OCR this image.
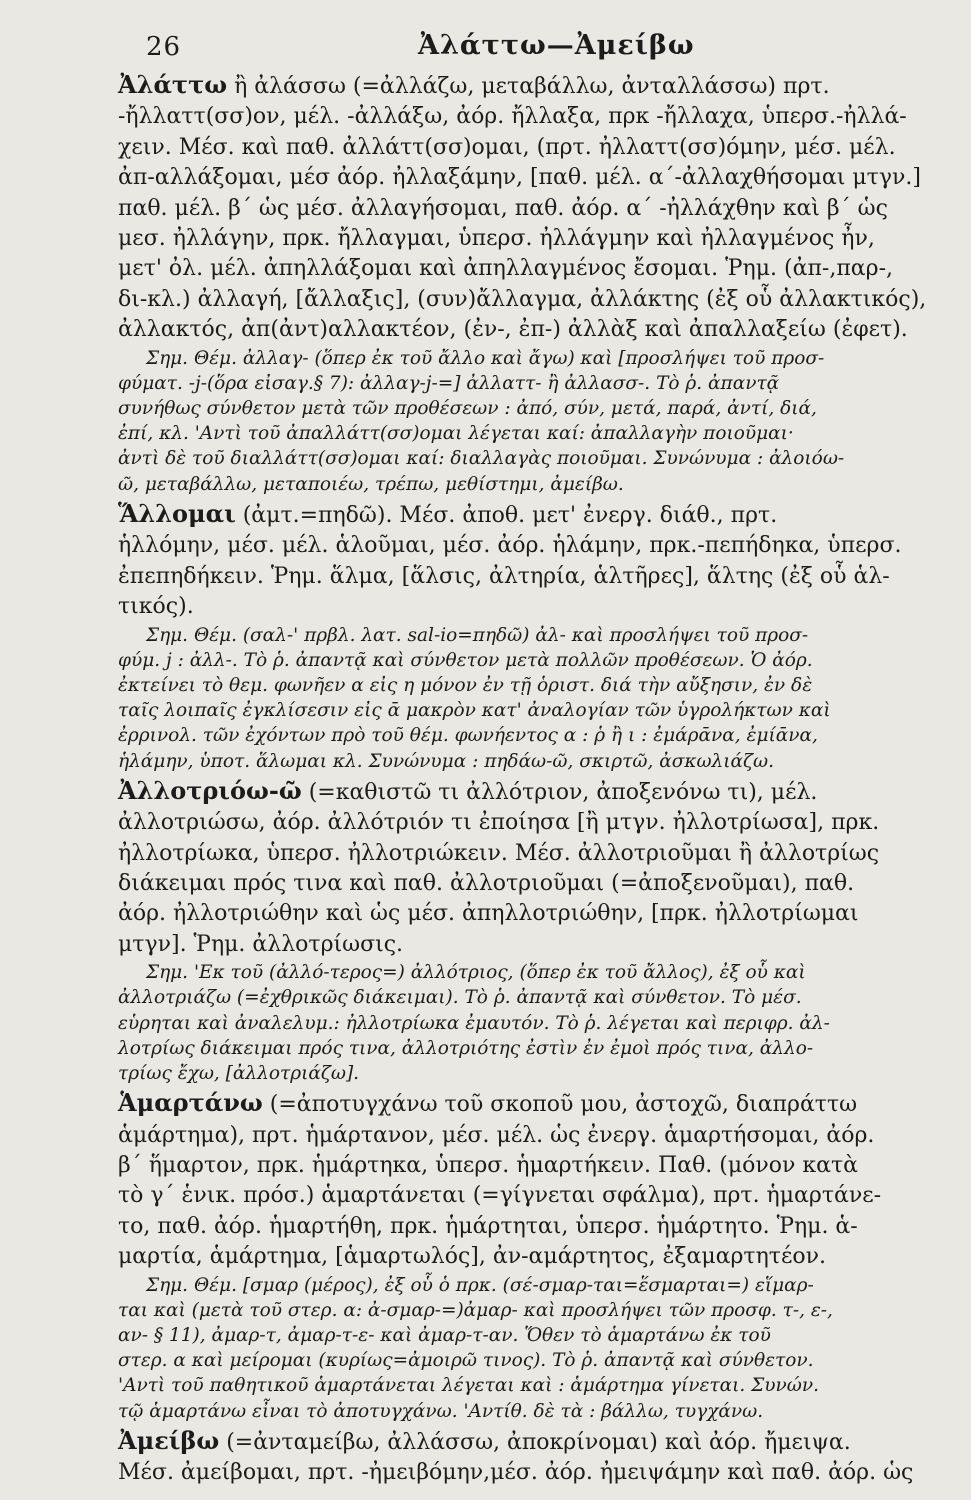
26	Ἀλάττω—Ἀμείβω

Ἀλάττω ἢ ἀλάσσω (=ἀλλάζω, μεταβάλλω, ἀνταλλάσσω) πρτ.

-ἤλλαττ(σσ)ον, μέλ. -ἀλλάξω, ἀόρ. ἤλλαξα, πρκ -ἤλλαχα, ὑπερσ.-ἠλλά-

χειν. Μέσ. καὶ παθ. ἀλλάττ(σσ)ομαι, (πρτ. ἠλλαττ(σσ)όμην, μέσ. μέλ.

ἀπ-αλλάξομαι, μέσ ἀόρ. ἠλλαξάμην, [παθ. μέλ. α΄-ἀλλαχθήσομαι μτγν.]

παθ. μέλ. β΄ ὡς μέσ. ἀλλαγήσομαι, παθ. ἀόρ. α΄ -ἠλλάχθην καὶ β΄ ὡς

μεσ. ἠλλάγην, πρκ. ἤλλαγμαι, ὑπερσ. ἠλλάγμην καὶ ἠλλαγμένος ἦν,

μετ' ὀλ. μέλ. ἀπηλλάξομαι καὶ ἀπηλλαγμένος ἔσομαι. Ῥημ. (ἀπ-,παρ-,

δι-κλ.) ἀλλαγή, [ἄλλαξις], (συν)ἄλλαγμα, ἀλλάκτης (ἐξ οὗ ἀλλακτικός),

ἀλλακτός, ἀπ(ἀντ)αλλακτέον, (ἐν-, ἐπ-) ἀλλὰξ καὶ ἀπαλλαξείω (ἐφετ).

Σημ. Θέμ. ἀλλαγ- (ὅπερ ἐκ τοῦ ἄλλο καὶ ἄγω) καὶ [προσλήψει τοῦ προσ-

φύματ. -j-(ὅρα εἰσαγ.§ 7): ἀλλαγ-j-=] ἀλλαττ- ἢ ἀλλασσ-. Τὸ ῥ. ἀπαντᾷ

συνήθως σύνθετον μετὰ τῶν προθέσεων : ἀπό, σύν, μετά, παρά, ἀντί, διά,

ἐπί, κλ. 'Αντὶ τοῦ ἀπαλλάττ(σσ)ομαι λέγεται καί: ἀπαλλαγὴν ποιοῦμαι·

ἀντὶ δὲ τοῦ διαλλάττ(σσ)ομαι καί: διαλλαγὰς ποιοῦμαι. Συνώνυμα : ἀλοιόω-

ῶ, μεταβάλλω, μεταποιέω, τρέπω, μεθίστημι, ἀμείβω.

Ἅλλομαι (ἀμτ.=πηδῶ). Μέσ. ἀποθ. μετ' ἐνεργ. διάθ., πρτ.

ἡλλόμην, μέσ. μέλ. ἁλοῦμαι, μέσ. ἀόρ. ἡλάμην, πρκ.-πεπήδηκα, ὑπερσ.

ἐπεπηδήκειν. Ῥημ. ἅλμα, [ἅλσις, ἀλτηρία, ἁλτῆρες], ἅλτης (ἐξ οὗ ἁλ-

τικός).

Σημ. Θέμ. (σαλ-' πρβλ. λατ. sal-io=πηδῶ) ἀλ- καὶ προσλήψει τοῦ προσ-

φύμ. j : ἀλλ-. Τὸ ῥ. ἀπαντᾷ καὶ σύνθετον μετὰ πολλῶν προθέσεων. Ὁ ἀόρ.

ἐκτείνει τὸ θεμ. φωνῆεν α εἰς η μόνον ἐν τῇ ὁριστ. διά τὴν αὔξησιν, ἐν δὲ

ταῖς λοιπαῖς ἐγκλίσεσιν εἰς ᾱ μακρὸν κατ' ἀναλογίαν τῶν ὑγρολήκτων καὶ

ἐρρινολ. τῶν ἐχόντων πρὸ τοῦ θέμ. φωνήεντος α : ῥ ἢ ι : ἐμάρᾱνα, ἐμίᾱνα,

ἡλάμην, ὑποτ. ἅλωμαι κλ. Συνώνυμα : πηδάω-ῶ, σκιρτῶ, ἀσκωλιάζω.

Ἀλλοτριόω-ῶ (=καθιστῶ τι ἀλλότριον, ἀποξενόνω τι), μέλ.

ἀλλοτριώσω, ἀόρ. ἀλλότριόν τι ἐποίησα [ἢ μτγν. ἠλλοτρίωσα], πρκ.

ἠλλοτρίωκα, ὑπερσ. ἠλλοτριώκειν. Μέσ. ἀλλοτριοῦμαι ἢ ἀλλοτρίως

διάκειμαι πρός τινα καὶ παθ. ἀλλοτριοῦμαι (=ἀποξενοῦμαι), παθ.

ἀόρ. ἠλλοτριώθην καὶ ὡς μέσ. ἀπηλλοτριώθην, [πρκ. ἠλλοτρίωμαι

μτγν]. Ῥημ. ἀλλοτρίωσις.

Σημ. 'Εκ τοῦ (ἀλλό-τερος=) ἀλλότριος, (ὅπερ ἐκ τοῦ ἄλλος), ἐξ οὗ καὶ

ἀλλοτριάζω (=ἐχθρικῶς διάκειμαι). Τὸ ῥ. ἀπαντᾷ καὶ σύνθετον. Τὸ μέσ.

εὑρηται καὶ ἀναλελυμ.: ἠλλοτρίωκα ἐμαυτόν. Τὸ ῥ. λέγεται καὶ περιφρ. ἀλ-

λοτρίως διάκειμαι πρός τινα, ἀλλοτριότης ἐστὶν ἐν ἐμοὶ πρός τινα, ἀλλο-

τρίως ἔχω, [ἀλλοτριάζω].

Ἁμαρτάνω (=ἀποτυγχάνω τοῦ σκοποῦ μου, ἀστοχῶ, διαπράττω

ἁμάρτημα), πρτ. ἡμάρτανον, μέσ. μέλ. ὡς ἐνεργ. ἁμαρτήσομαι, ἀόρ.

β΄ ἥμαρτον, πρκ. ἡμάρτηκα, ὑπερσ. ἡμαρτήκειν. Παθ. (μόνον κατὰ

τὸ γ΄ ἑνικ. πρόσ.) ἁμαρτάνεται (=γίγνεται σφάλμα), πρτ. ἡμαρτάνε-

το, παθ. ἀόρ. ἡμαρτήθη, πρκ. ἡμάρτηται, ὑπερσ. ἡμάρτητο. Ῥημ. ἁ-

μαρτία, ἁμάρτημα, [ἁμαρτωλός], ἀν-αμάρτητος, ἐξαμαρτητέον.

Σημ. Θέμ. [σμαρ (μέρος), ἐξ οὗ ὁ πρκ. (σέ-σμαρ-ται=ἕσμαρται=) εἵμαρ-

ται καὶ (μετὰ τοῦ στερ. α: ἀ-σμαρ-=)ἀμαρ- καὶ προσλήψει τῶν προσφ. τ-, ε-,

αν- § 11), ἀμαρ-τ, ἀμαρ-τ-ε- καὶ ἀμαρ-τ-αν. Ὅθεν τὸ ἁμαρτάνω ἐκ τοῦ

στερ. α καὶ μείρομαι (κυρίως=ἀμοιρῶ τινος). Τὸ ῥ. ἀπαντᾷ καὶ σύνθετον.

'Αντὶ τοῦ παθητικοῦ ἁμαρτάνεται λέγεται καὶ : ἁμάρτημα γίνεται. Συνών.

τῷ ἁμαρτάνω εἶναι τὸ ἀποτυγχάνω. 'Αντίθ. δὲ τὰ : βάλλω, τυγχάνω.

Ἀμείβω (=ἀνταμείβω, ἀλλάσσω, ἀποκρίνομαι) καὶ ἀόρ. ἤμειψα.

Μέσ. ἀμείβομαι, πρτ. -ἠμειβόμην,μέσ. ἀόρ. ἠμειψάμην καὶ παθ. ἀόρ. ὡς
